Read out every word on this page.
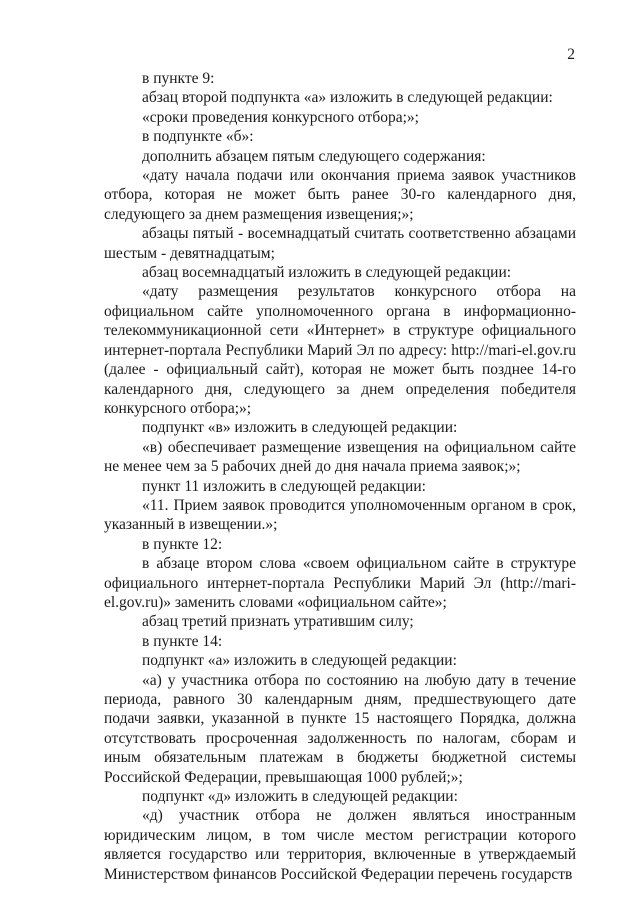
2

в пункте 9:

абзац второй подпункта «а» изложить в следующей редакции:

«сроки проведения конкурсного отбора;»;

в подпункте «б»:

дополнить абзацем пятым следующего содержания:

«дату начала подачи или окончания приема заявок участников отбора, которая не может быть ранее 30-го календарного дня, следующего за днем размещения извещения;»;

абзацы пятый - восемнадцатый считать соответственно абзацами шестым - девятнадцатым;

абзац восемнадцатый изложить в следующей редакции:

«дату размещения результатов конкурсного отбора на официальном сайте уполномоченного органа в информационно-телекоммуникационной сети «Интернет» в структуре официального интернет-портала Республики Марий Эл по адресу: http://mari-el.gov.ru (далее - официальный сайт), которая не может быть позднее 14-го календарного дня, следующего за днем определения победителя конкурсного отбора;»;

подпункт «в» изложить в следующей редакции:

«в) обеспечивает размещение извещения на официальном сайте не менее чем за 5 рабочих дней до дня начала приема заявок;»;

пункт 11 изложить в следующей редакции:

«11. Прием заявок проводится уполномоченным органом в срок, указанный в извещении.»;

в пункте 12:

в абзаце втором слова «своем официальном сайте в структуре официального интернет-портала Республики Марий Эл (http://mari-el.gov.ru)» заменить словами «официальном сайте»;

абзац третий признать утратившим силу;

в пункте 14:

подпункт «а» изложить в следующей редакции:

«а) у участника отбора по состоянию на любую дату в течение периода, равного 30 календарным дням, предшествующего дате подачи заявки, указанной в пункте 15 настоящего Порядка, должна отсутствовать просроченная задолженность по налогам, сборам и иным обязательным платежам в бюджеты бюджетной системы Российской Федерации, превышающая 1000 рублей;»;

подпункт «д» изложить в следующей редакции:

«д) участник отбора не должен являться иностранным юридическим лицом, в том числе местом регистрации которого является государство или территория, включенные в утверждаемый Министерством финансов Российской Федерации перечень государств
